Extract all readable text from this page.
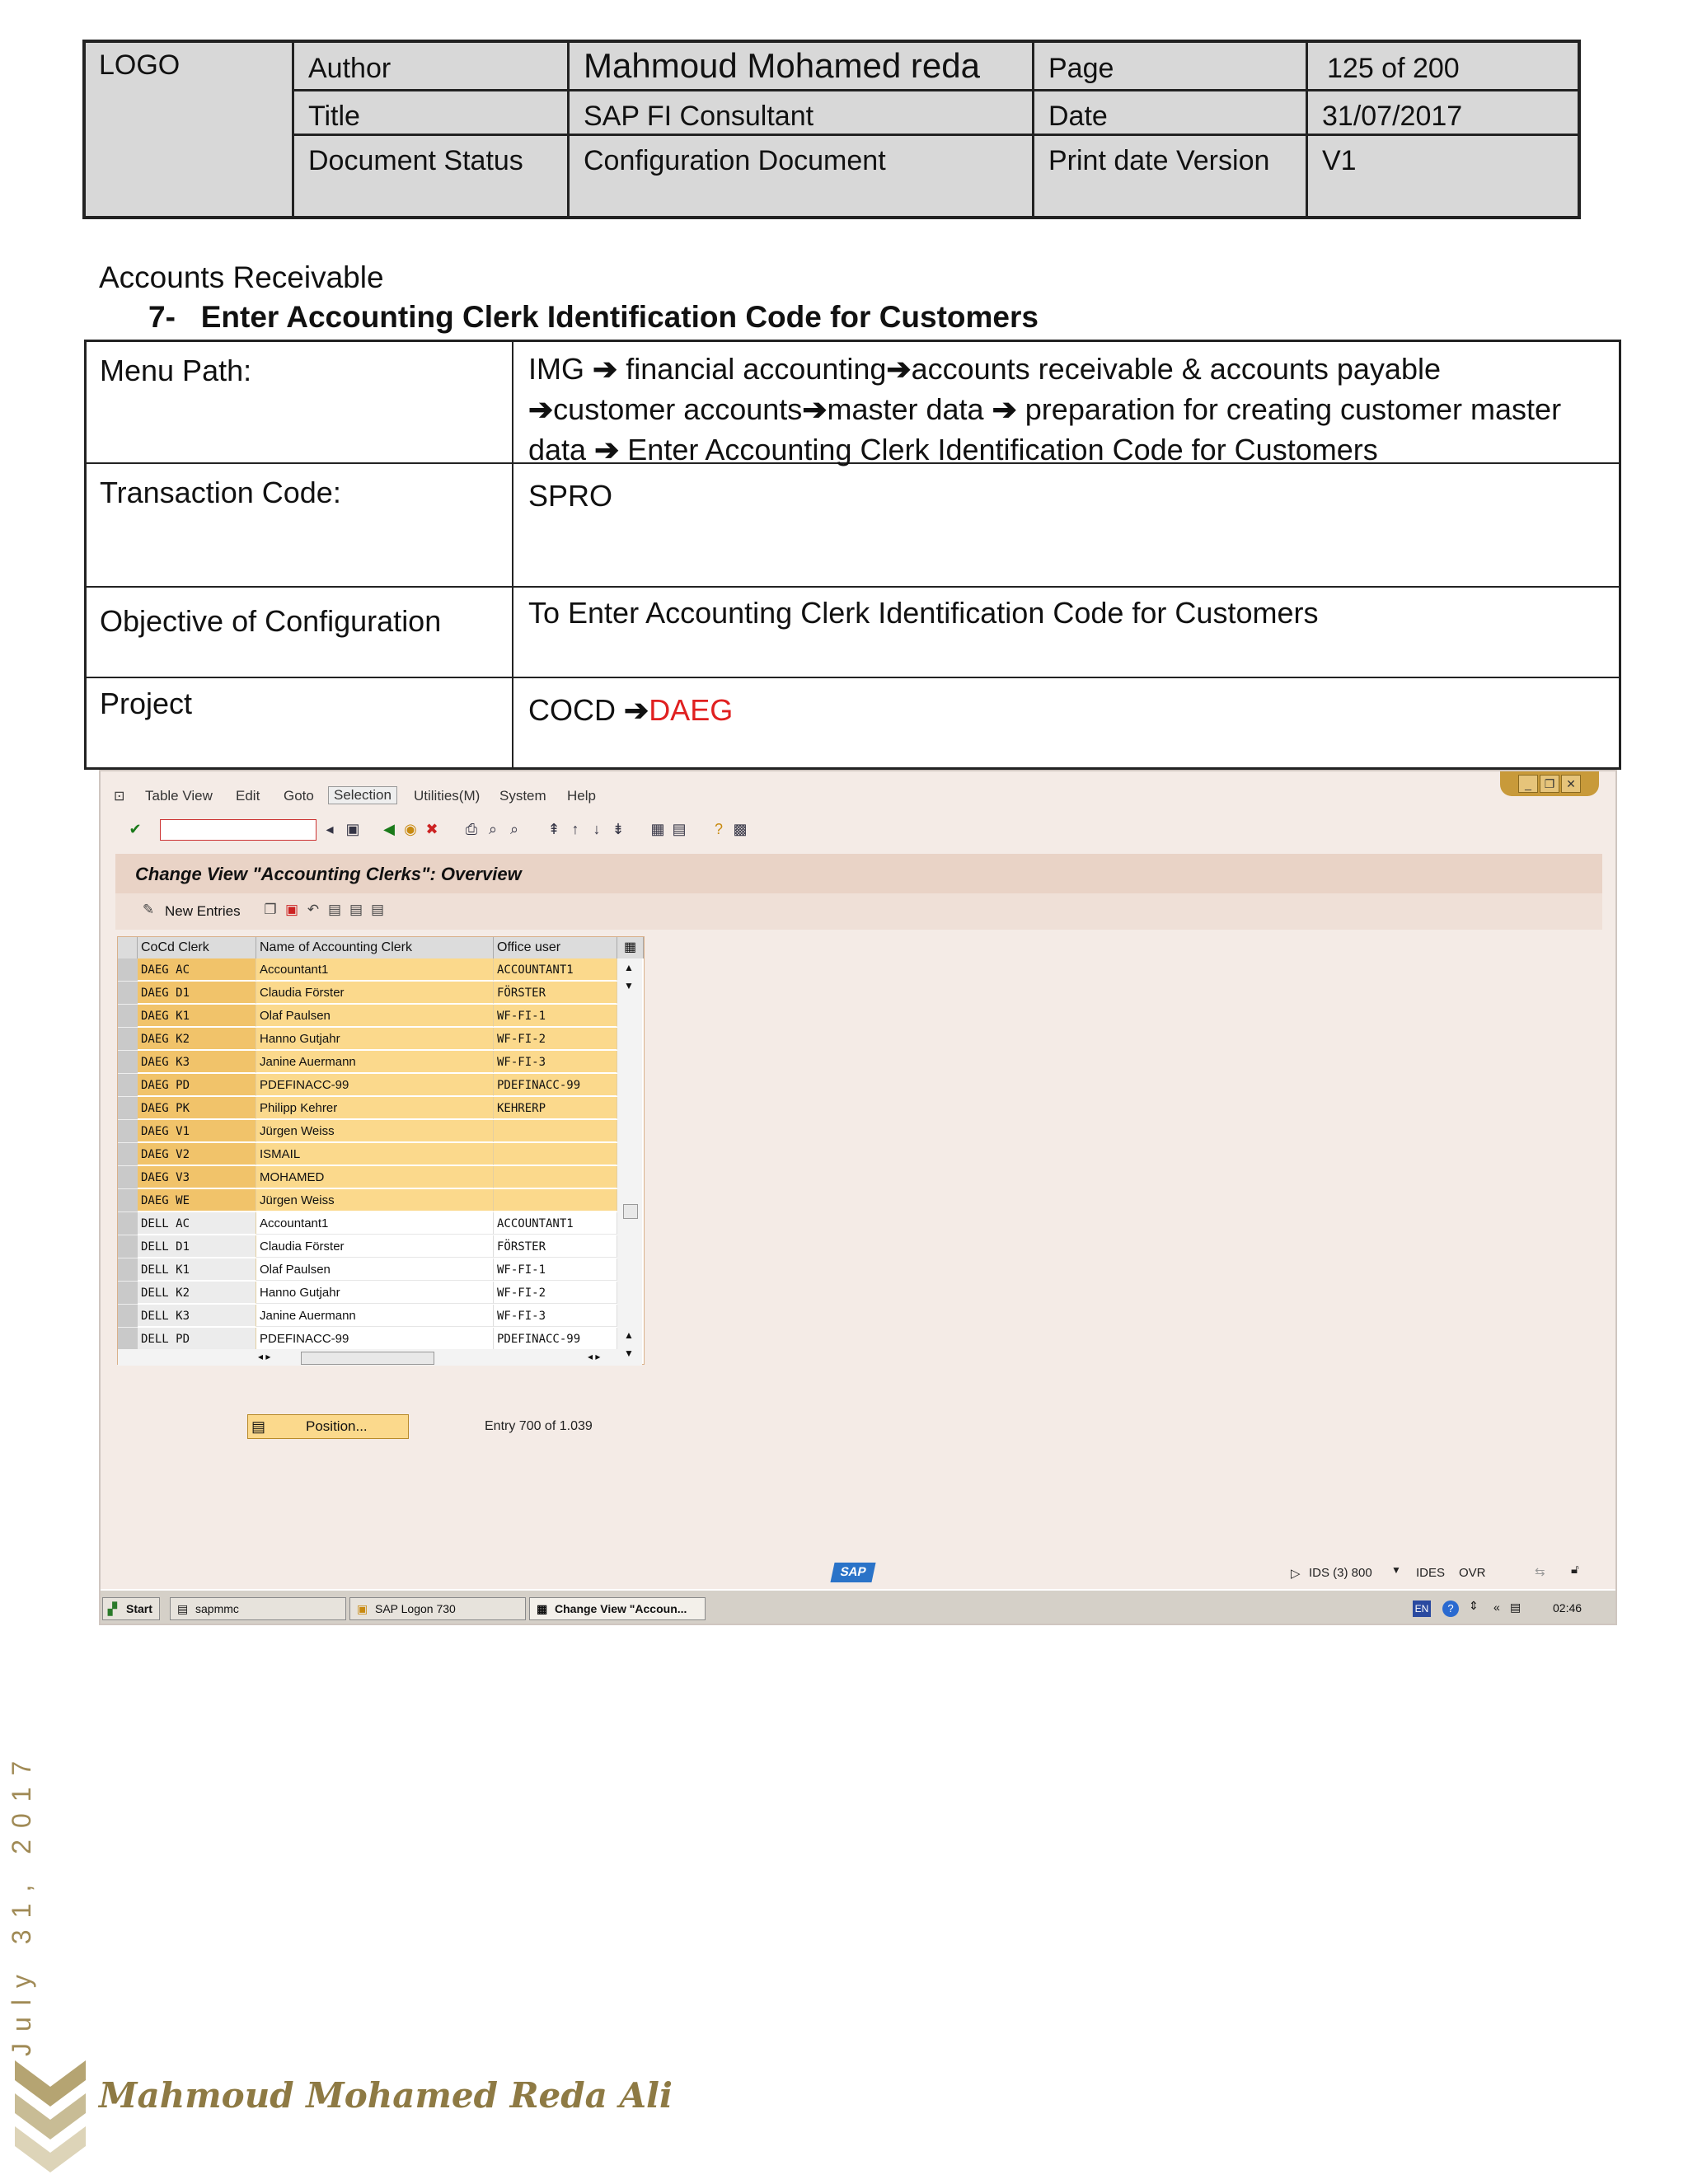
LOGO	Author	Mahmoud Mohamed reda	Page	125 of 200
Title	SAP FI Consultant	Date	31/07/2017
Document Status	Configuration Document	Print date Version	V1
Accounts Receivable
7- Enter Accounting Clerk Identification Code for Customers
Menu Path:	IMG ➔ financial accounting➔accounts receivable & accounts payable
➔customer accounts➔master data ➔ preparation for creating customer master data ➔ Enter Accounting Clerk Identification Code for Customers
Transaction Code:	SPRO
Objective of Configuration	To Enter Accounting Clerk Identification Code for Customers
Project	COCD ➔DAEG
⊡ Table View Edit Goto	Selection	Utilities(M) System Help
_	❐ ✕
✔	◂ ▣ ◀ ◉ ✖ ⎙ ⌕ ⌕ ⇞ ↑ ↓ ⇟ ▦ ▤ ? ▩
Change View "Accounting Clerks": Overview
✎ New Entries ❐ ▣ ↶ ▤ ▤ ▤
CoCd Clerk	Name of Accounting Clerk	Office user	▦
DAEG AC	Accountant1	ACCOUNTANT1
DAEG D1	Claudia Förster	FÖRSTER
DAEG K1	Olaf Paulsen	WF-FI-1
DAEG K2	Hanno Gutjahr	WF-FI-2
DAEG K3	Janine Auermann	WF-FI-3
DAEG PD	PDEFINACC-99	PDEFINACC-99
DAEG PK	Philipp Kehrer	KEHRERP
DAEG V1	Jürgen Weiss
DAEG V2	ISMAIL
DAEG V3	MOHAMED
DAEG WE	Jürgen Weiss
DELL AC	Accountant1	ACCOUNTANT1
DELL D1	Claudia Förster	FÖRSTER
DELL K1	Olaf Paulsen	WF-FI-1
DELL K2	Hanno Gutjahr	WF-FI-2
DELL K3	Janine Auermann	WF-FI-3
DELL PD	PDEFINACC-99	PDEFINACC-99
▲
▼
▲
▼
◂ ▸	◂ ▸
▤	Position...	Entry 700 of 1.039
SAP	▷ IDS (3) 800 ▼ IDES OVR	⇆ 🔓︎
▞ Start	▤ sapmmc	▣ SAP Logon 730	▦ Change View "Accoun...	EN	?	⇕ « ▤	02:46
July 31, 2017
Mahmoud Mohamed Reda Ali
